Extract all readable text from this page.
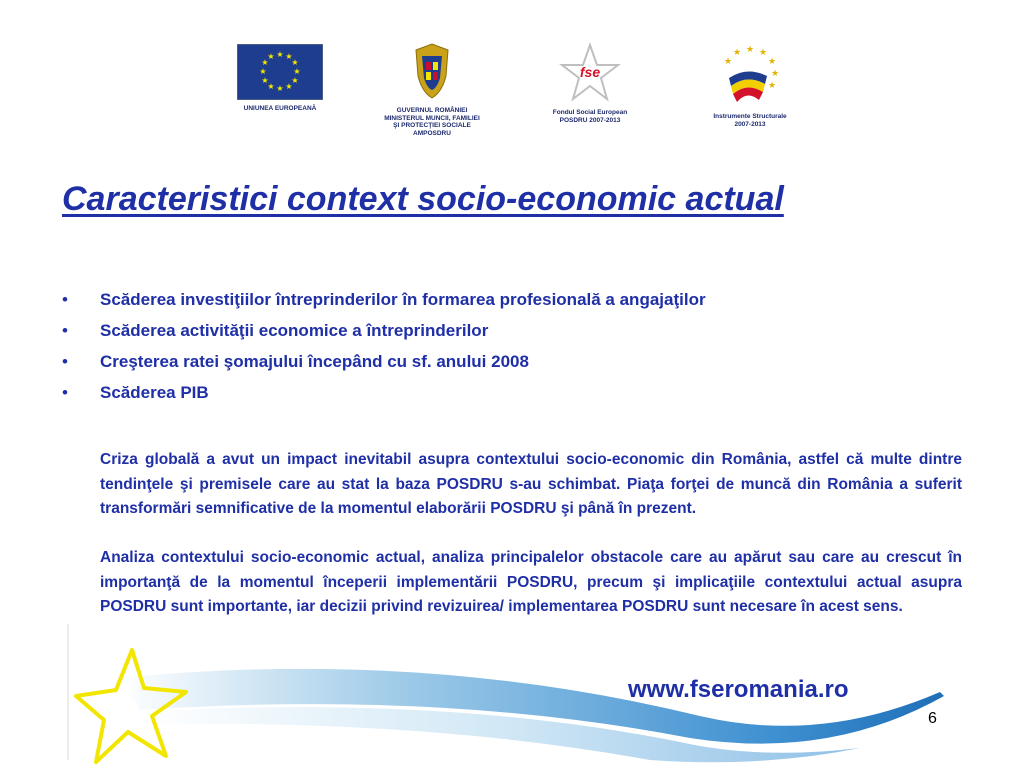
★ ★
★
★
★
★
★
★
★
★
★
★
UNIUNEA EUROPEANĂ	GUVERNUL ROMÂNIEI
MINISTERUL MUNCII, FAMILIEI
ŞI PROTECŢIEI SOCIALE
AMPOSDRU
fse
Fondul Social European
POSDRU 2007-2013
★ ★
★
★
★
★
★
Instrumente Structurale
2007-2013
Caracteristici context socio-economic actual
• Scăderea investiţiilor întreprinderilor în formarea profesională a angajaţilor
• Scăderea activităţii economice a întreprinderilor
• Creşterea ratei şomajului începând cu sf. anului 2008
• Scăderea PIB

Criza globală a avut un impact inevitabil asupra contextului socio-economic din România, astfel că multe dintre tendinţele şi premisele care au stat la baza POSDRU s-au schimbat. Piaţa forţei de muncă din România a suferit transformări semnificative de la momentul elaborării POSDRU şi până în prezent.

Analiza contextului socio-economic actual, analiza principalelor obstacole care au apărut sau care au crescut în importanţă de la momentul începerii implementării POSDRU, precum şi implicaţiile contextului actual asupra POSDRU sunt importante, iar decizii privind revizuirea/ implementarea POSDRU sunt necesare în acest sens.

www.fseromania.ro
6
